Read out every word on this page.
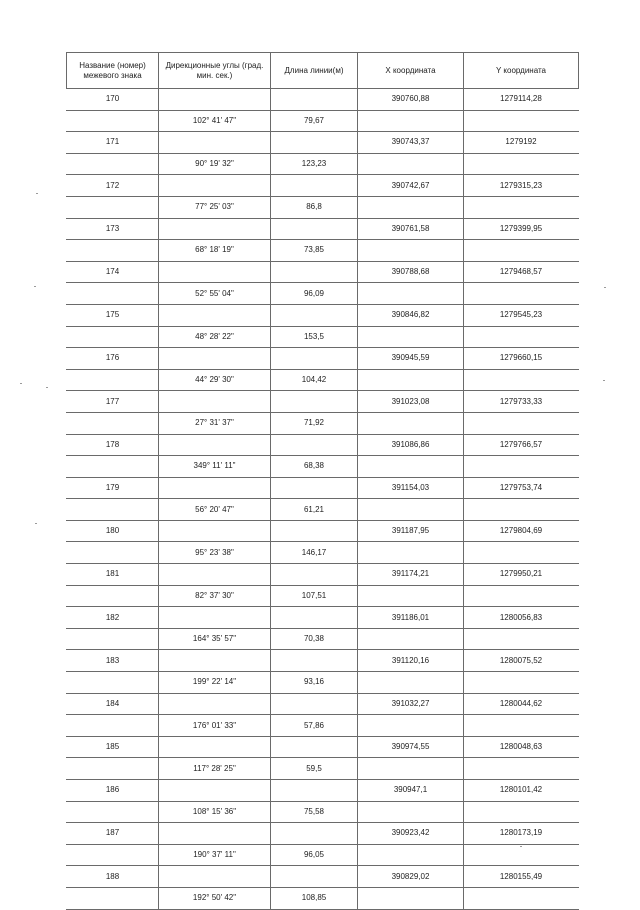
Название (номер) межевого знака	Дирекционные углы (град. мин. сек.)	Длина линии(м)	X координата	Y координата
170			390760,88	1279114,28
	102° 41' 47"	79,67		
171			390743,37	1279192
	90° 19' 32"	123,23		
172			390742,67	1279315,23
	77° 25' 03"	86,8		
173			390761,58	1279399,95
	68° 18' 19"	73,85		
174			390788,68	1279468,57
	52° 55' 04"	96,09		
175			390846,82	1279545,23
	48° 28' 22"	153,5		
176			390945,59	1279660,15
	44° 29' 30"	104,42		
177			391023,08	1279733,33
	27° 31' 37"	71,92		
178			391086,86	1279766,57
	349° 11' 11"	68,38		
179			391154,03	1279753,74
	56° 20' 47"	61,21		
180			391187,95	1279804,69
	95° 23' 38"	146,17		
181			391174,21	1279950,21
	82° 37' 30"	107,51		
182			391186,01	1280056,83
	164° 35' 57"	70,38		
183			391120,16	1280075,52
	199° 22' 14"	93,16		
184			391032,27	1280044,62
	176° 01' 33"	57,86		
185			390974,55	1280048,63
	117° 28' 25"	59,5		
186			390947,1	1280101,42
	108° 15' 36"	75,58		
187			390923,42	1280173,19
	190° 37' 11"	96,05		
188			390829,02	1280155,49
	192° 50' 42"	108,85		
